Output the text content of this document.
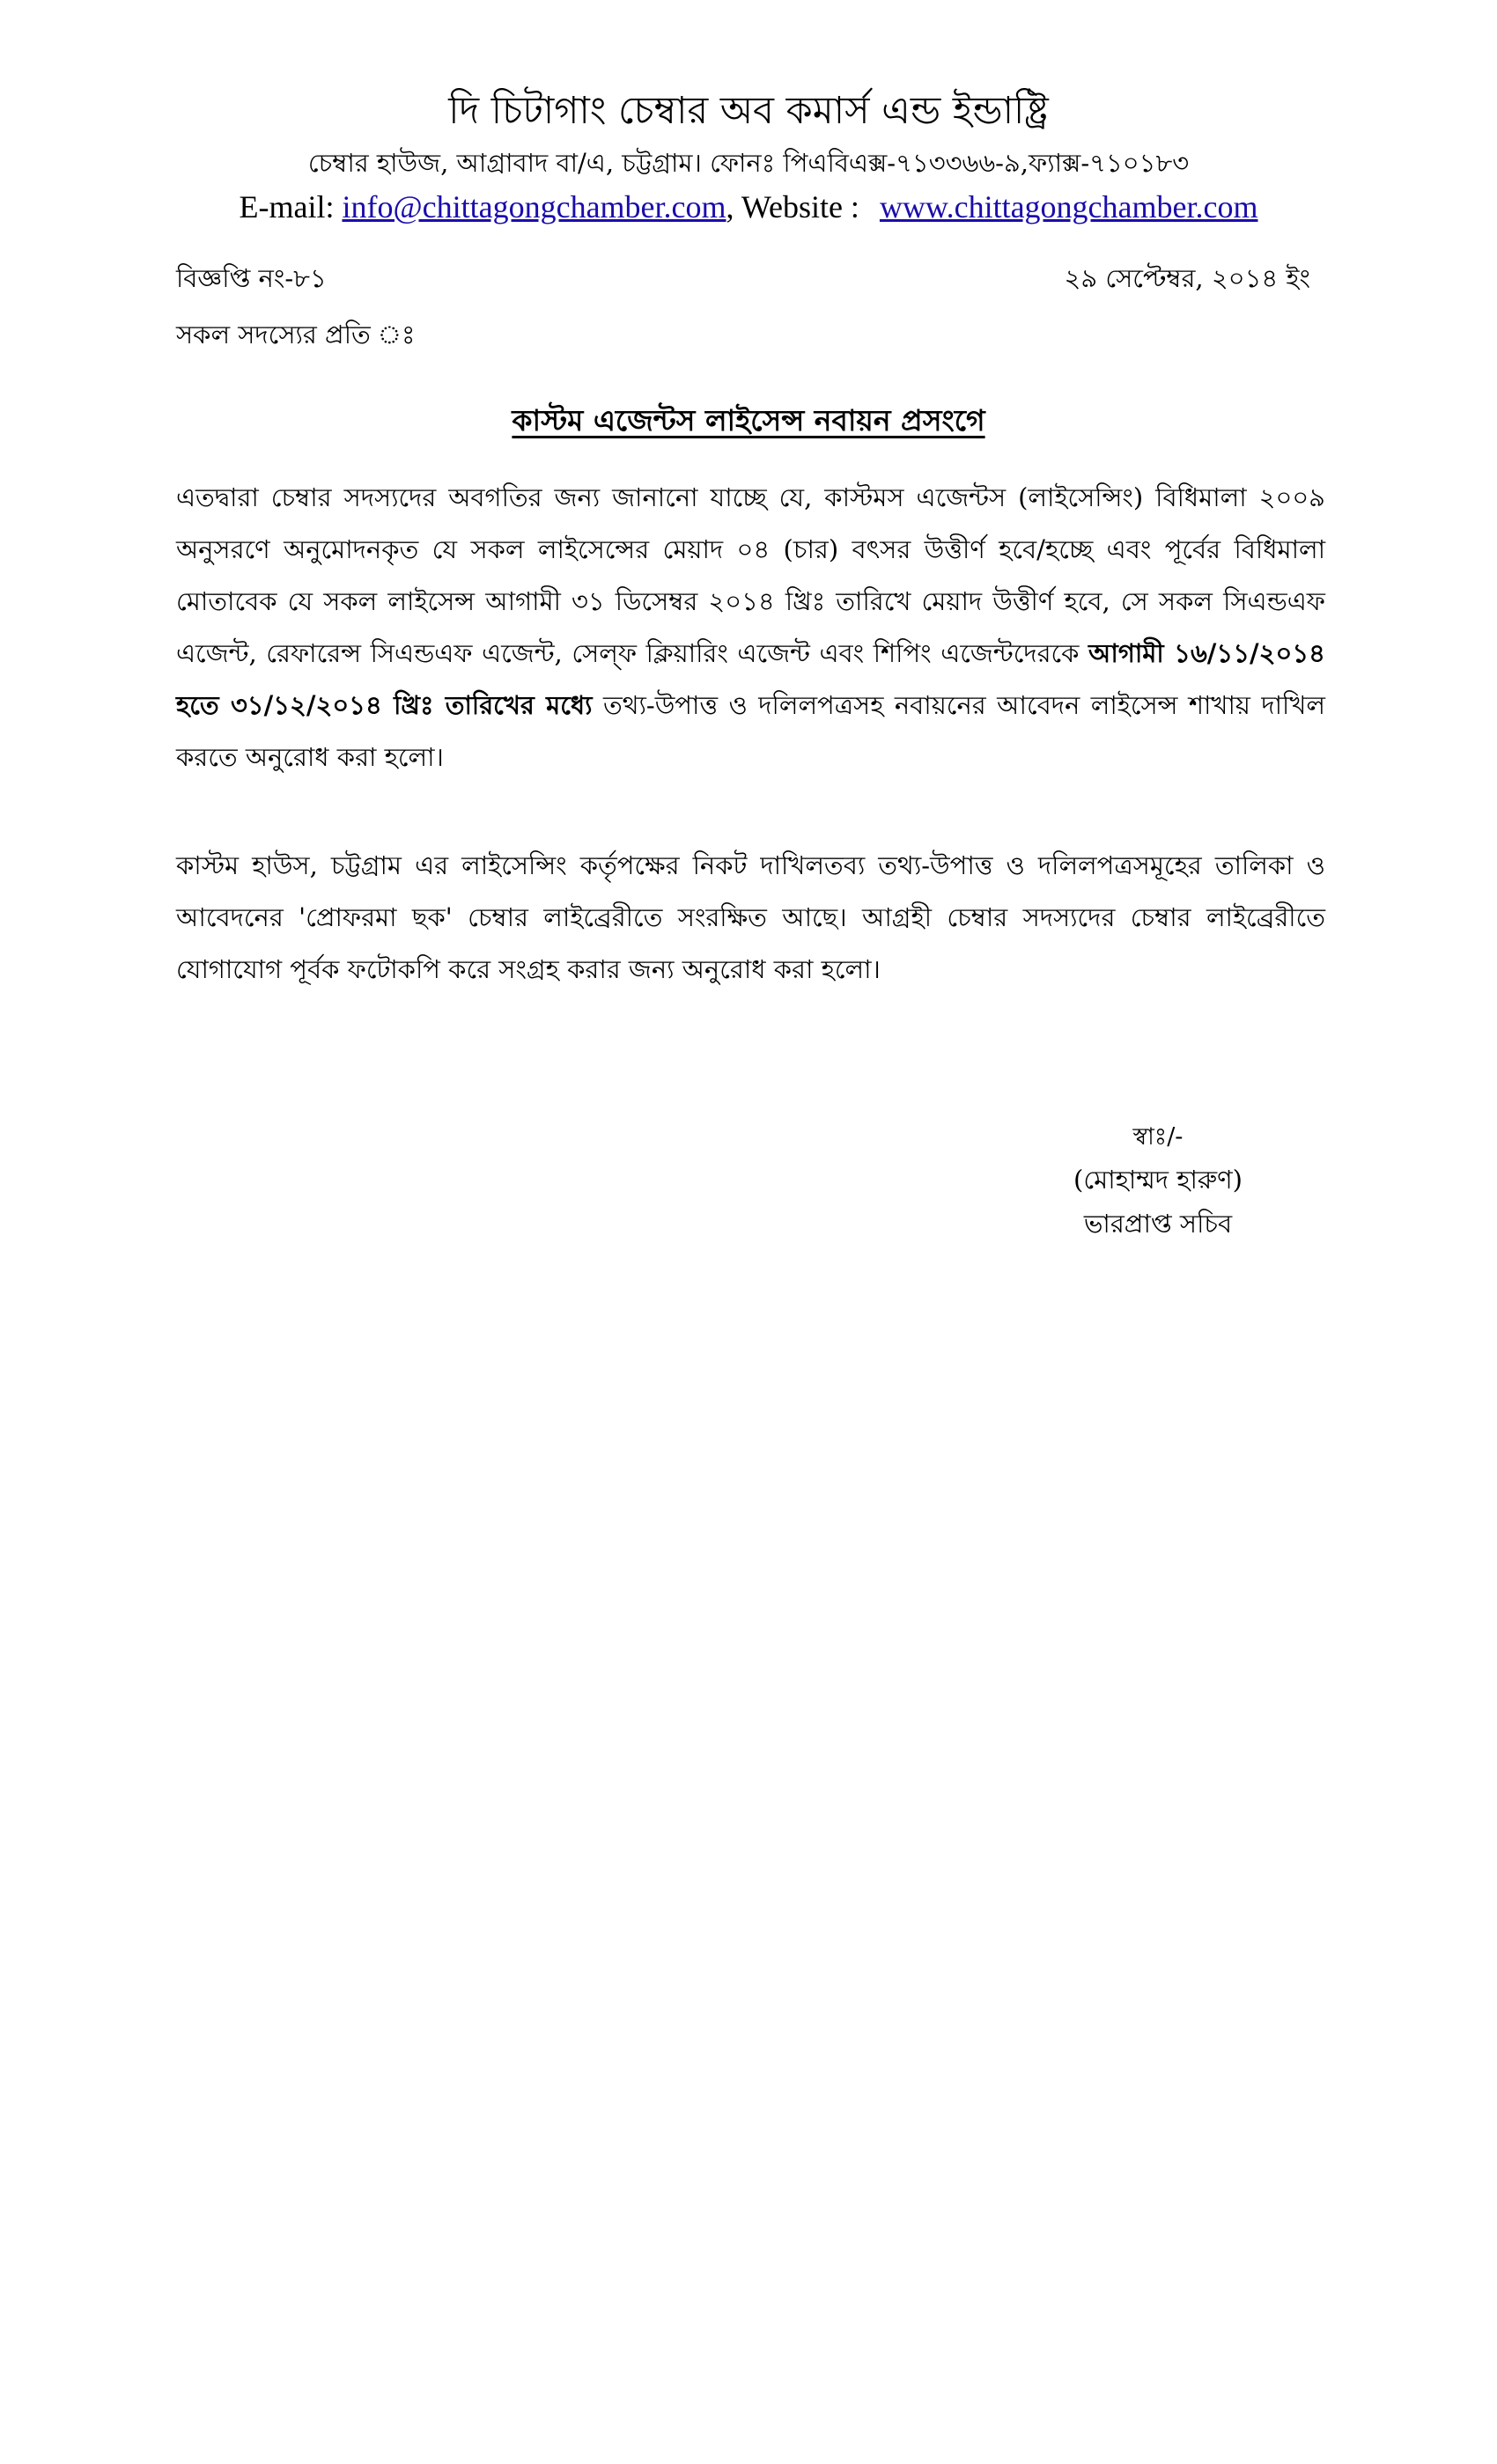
দি চিটাগাং চেম্বার অব কমার্স এন্ড ইন্ডাষ্ট্রি
চেম্বার হাউজ, আগ্রাবাদ বা/এ, চট্টগ্রাম। ফোনঃ পিএবিএক্স-৭১৩৩৬৬-৯,ফ্যাক্স-৭১০১৮৩
E-mail: info@chittagongchamber.com, Website : www.chittagongchamber.com
বিজ্ঞপ্তি নং-৮১	২৯ সেপ্টেম্বর, ২০১৪ ইং
সকল সদস্যের প্রতি ঃ
কাস্টম এজেন্টস লাইসেন্স নবায়ন প্রসংগে

এতদ্বারা চেম্বার সদস্যদের অবগতির জন্য জানানো যাচ্ছে যে, কাস্টমস এজেন্টস (লাইসেন্সিং) বিধিমালা ২০০৯ অনুসরণে অনুমোদনকৃত যে সকল লাইসেন্সের মেয়াদ ০৪ (চার) বৎসর উত্তীর্ণ হবে/হচ্ছে এবং পূর্বের বিধিমালা মোতাবেক যে সকল লাইসেন্স আগামী ৩১ ডিসেম্বর ২০১৪ খ্রিঃ তারিখে মেয়াদ উত্তীর্ণ হবে, সে সকল সিএন্ডএফ এজেন্ট, রেফারেন্স সিএন্ডএফ এজেন্ট, সেল্‌ফ ক্লিয়ারিং এজেন্ট এবং শিপিং এজেন্টদেরকে আগামী ১৬/১১/২০১৪ হতে ৩১/১২/২০১৪ খ্রিঃ তারিখের মধ্যে তথ্য-উপাত্ত ও দলিলপত্রসহ নবায়নের আবেদন লাইসেন্স শাখায় দাখিল করতে অনুরোধ করা হলো।

কাস্টম হাউস, চট্টগ্রাম এর লাইসেন্সিং কর্তৃপক্ষের নিকট দাখিলতব্য তথ্য-উপাত্ত ও দলিলপত্রসমূহের তালিকা ও আবেদনের 'প্রোফরমা ছক' চেম্বার লাইব্রেরীতে সংরক্ষিত আছে। আগ্রহী চেম্বার সদস্যদের চেম্বার লাইব্রেরীতে যোগাযোগ পূর্বক ফটোকপি করে সংগ্রহ করার জন্য অনুরোধ করা হলো।

স্বাঃ/-
(মোহাম্মদ হারুণ)
ভারপ্রাপ্ত সচিব
